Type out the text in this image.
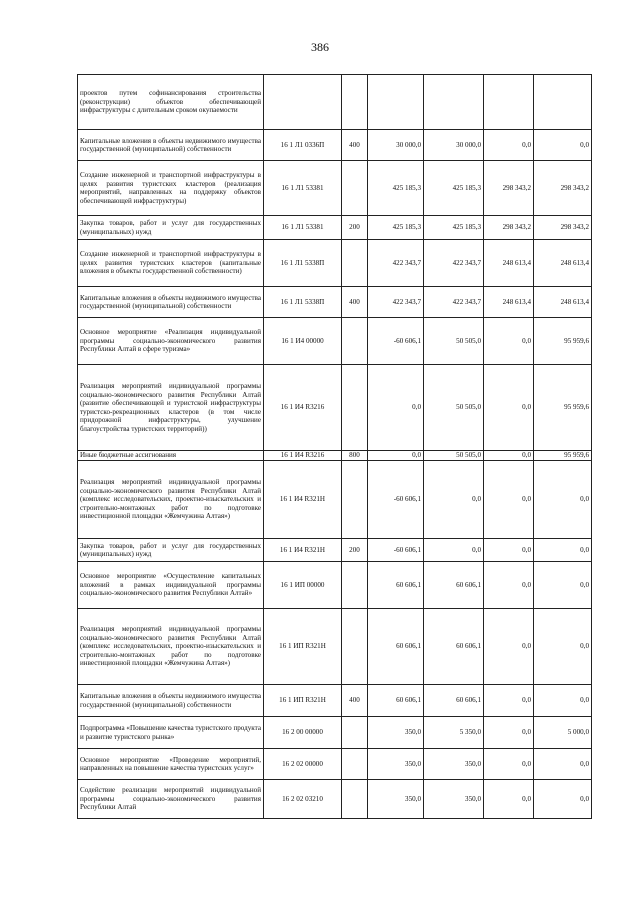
386
проектов путем софинансирования строительства (реконструкции) объектов обеспечивающей инфраструктуры с длительным сроком окупаемости						
Капитальные вложения в объекты недвижимого имущества государственной (муниципальной) собственности	16 1 Л1 0336П	400	30 000,0	30 000,0	0,0	0,0
Создание инженерной и транспортной инфраструктуры в целях развития туристских кластеров (реализация мероприятий, направленных на поддержку объектов обеспечивающей инфраструктуры)	16 1 Л1 53381		425 185,3	425 185,3	298 343,2	298 343,2
Закупка товаров, работ и услуг для государственных (муниципальных) нужд	16 1 Л1 53381	200	425 185,3	425 185,3	298 343,2	298 343,2
Создание инженерной и транспортной инфраструктуры в целях развития туристских кластеров (капитальные вложения в объекты государственной собственности)	16 1 Л1 5338П		422 343,7	422 343,7	248 613,4	248 613,4
Капитальные вложения в объекты недвижимого имущества государственной (муниципальной) собственности	16 1 Л1 5338П	400	422 343,7	422 343,7	248 613,4	248 613,4
Основное мероприятие «Реализация индивидуальной программы социально-экономического развития Республики Алтай в сфере туризма»	16 1 И4 00000		-60 606,1	50 505,0	0,0	95 959,6
Реализация мероприятий индивидуальной программы социально-экономического развития Республики Алтай (развитие обеспечивающей и туристской инфраструктуры туристско-рекреационных кластеров (в том числе придорожной инфраструктуры, улучшение благоустройства туристских территорий))	16 1 И4 R3216		0,0	50 505,0	0,0	95 959,6
Иные бюджетные ассигнования	16 1 И4 R3216	800	0,0	50 505,0	0,0	95 959,6
Реализация мероприятий индивидуальной программы социально-экономического развития Республики Алтай (комплекс исследовательских, проектно-изыскательских и строительно-монтажных работ по подготовке инвестиционной площадки «Жемчужина Алтая»)	16 1 И4 R321Н		-60 606,1	0,0	0,0	0,0
Закупка товаров, работ и услуг для государственных (муниципальных) нужд	16 1 И4 R321Н	200	-60 606,1	0,0	0,0	0,0
Основное мероприятие «Осуществление капитальных вложений в рамках индивидуальной программы социально-экономического развития Республики Алтай»	16 1 ИП 00000		60 606,1	60 606,1	0,0	0,0
Реализация мероприятий индивидуальной программы социально-экономического развития Республики Алтай (комплекс исследовательских, проектно-изыскательских и строительно-монтажных работ по подготовке инвестиционной площадки «Жемчужина Алтая»)	16 1 ИП R321Н		60 606,1	60 606,1	0,0	0,0
Капитальные вложения в объекты недвижимого имущества государственной (муниципальной) собственности	16 1 ИП R321Н	400	60 606,1	60 606,1	0,0	0,0
Подпрограмма «Повышение качества туристского продукта и развитие туристского рынка»	16 2 00 00000		350,0	5 350,0	0,0	5 000,0
Основное мероприятие «Проведение мероприятий, направленных на повышение качества туристских услуг»	16 2 02 00000		350,0	350,0	0,0	0,0
Содействие реализации мероприятий индивидуальной программы социально-экономического развития Республики Алтай	16 2 02 03210		350,0	350,0	0,0	0,0
